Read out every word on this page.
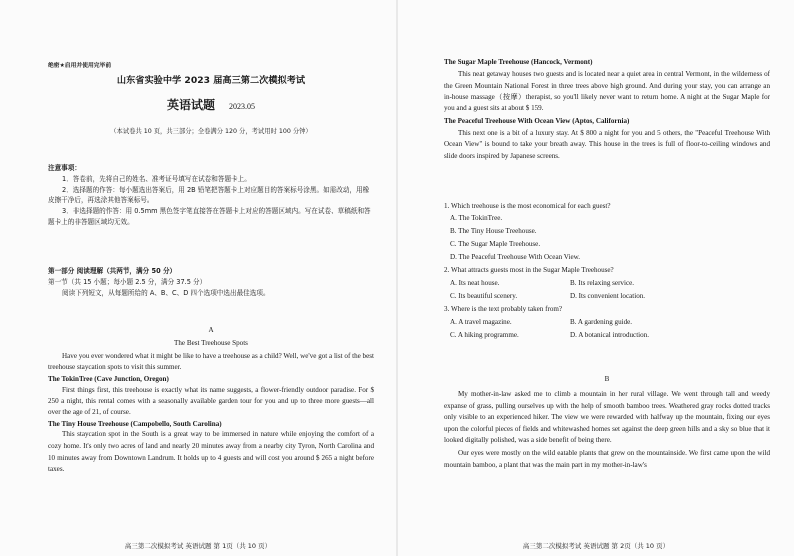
绝密★启用并使用完毕前
山东省实验中学 2023 届高三第二次模拟考试
英语试题 2023.05
（本试卷共 10 页，共三部分；全卷满分 120 分，考试用时 100 分钟）

注意事项：

1．答卷前，先将自己的姓名、准考证号填写在试卷和答题卡上。

2．选择题的作答：每小题选出答案后，用 2B 铅笔把答题卡上对应题目的答案标号涂黑。如需改动，用橡皮擦干净后，再选涂其他答案标号。

3．非选择题的作答：用 0.5mm 黑色签字笔直接答在答题卡上对应的答题区域内。写在试卷、草稿纸和答题卡上的非答题区域均无效。

第一部分 阅读理解（共两节，满分 50 分）

第一节（共 15 小题；每小题 2.5 分，满分 37.5 分）

阅读下列短文，从每题所给的 A、B、C、D 四个选项中选出最佳选项。

A
The Best Treehouse Spots

Have you ever wondered what it might be like to have a treehouse as a child? Well, we've got a list of the best treehouse staycation spots to visit this summer.

The TokinTree (Cave Junction, Oregon)

First things first, this treehouse is exactly what its name suggests, a flower-friendly outdoor paradise. For $ 250 a night, this rental comes with a seasonally available garden tour for you and up to three more guests—all over the age of 21, of course.

The Tiny House Treehouse (Campobello, South Carolina)

This staycation spot in the South is a great way to be immersed in nature while enjoying the comfort of a cozy home. It's only two acres of land and nearly 20 minutes away from a nearby city Tyron, North Carolina and 10 minutes away from Downtown Landrum. It holds up to 4 guests and will cost you around $ 265 a night before taxes.

高三第二次模拟考试 英语试题 第 1页（共 10 页）

The Sugar Maple Treehouse (Hancock, Vermont)

This neat getaway houses two guests and is located near a quiet area in central Vermont, in the wilderness of the Green Mountain National Forest in three trees above high ground. And during your stay, you can arrange an in-house massage（按摩）therapist, so you'll likely never want to return home. A night at the Sugar Maple for you and a guest sits at about $ 159.

The Peaceful Treehouse With Ocean View (Aptos, California)

This next one is a bit of a luxury stay. At $ 800 a night for you and 5 others, the "Peaceful Treehouse With Ocean View" is bound to take your breath away. This house in the trees is full of floor-to-ceiling windows and slide doors inspired by Japanese screens.

1. Which treehouse is the most economical for each guest?

A. The TokinTree.

B. The Tiny House Treehouse.

C. The Sugar Maple Treehouse.

D. The Peaceful Treehouse With Ocean View.

2. What attracts guests most in the Sugar Maple Treehouse?

A. Its neat house.	B. Its relaxing service.
C. Its beautiful scenery.	D. Its convenient location.

3. Where is the text probably taken from?

A. A travel magazine.	B. A gardening guide.
C. A hiking programme.	D. A botanical introduction.
B

My mother-in-law asked me to climb a mountain in her rural village. We went through tall and weedy expanse of grass, pulling ourselves up with the help of smooth bamboo trees. Weathered gray rocks dotted tracks only visible to an experienced hiker. The view we were rewarded with halfway up the mountain, fixing our eyes upon the colorful pieces of fields and whitewashed homes set against the deep green hills and a sky so blue that it looked digitally polished, was a side benefit of being there.

Our eyes were mostly on the wild eatable plants that grew on the mountainside. We first came upon the wild mountain bamboo, a plant that was the main part in my mother-in-law's

高三第二次模拟考试 英语试题 第 2页（共 10 页）
